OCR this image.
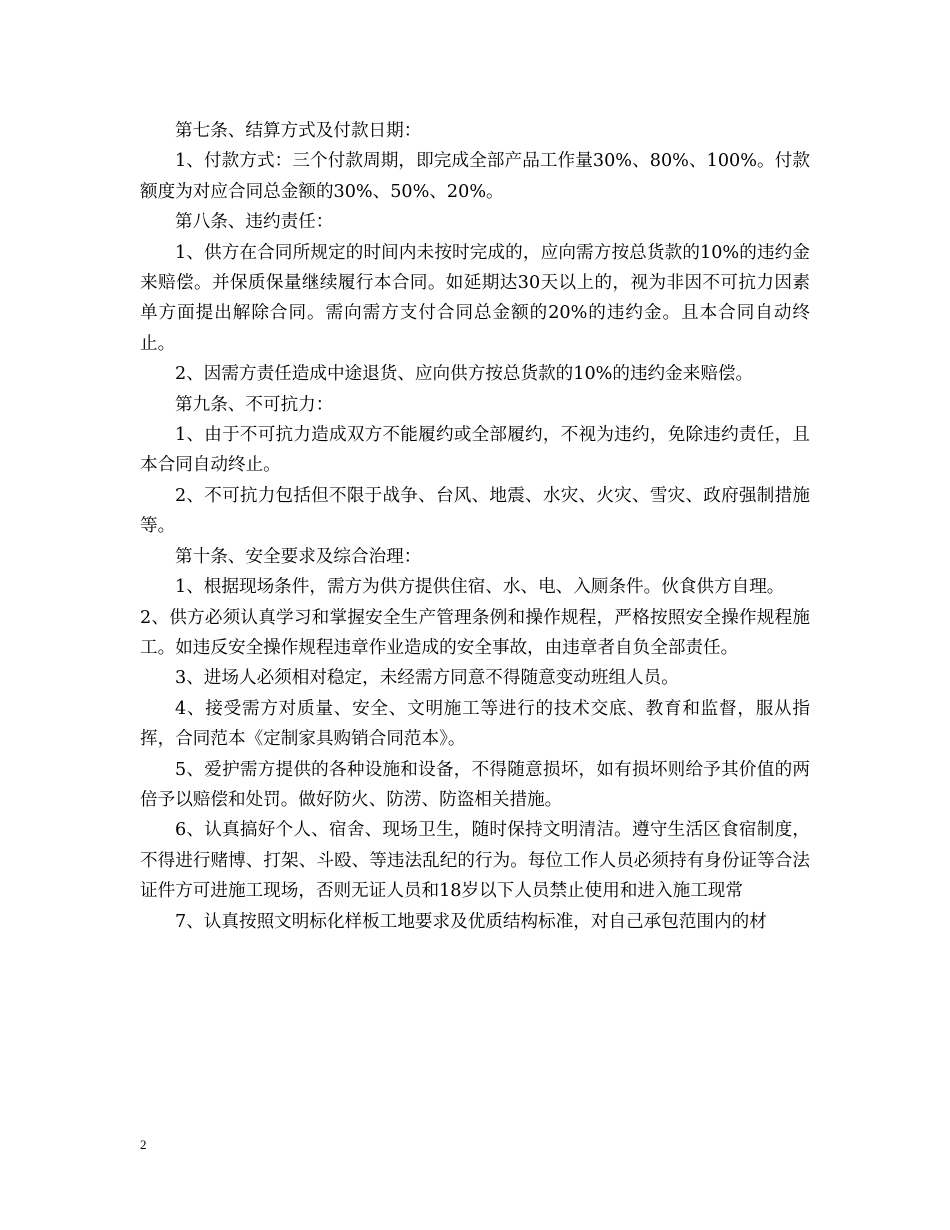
第七条、结算方式及付款日期：

1、付款方式：三个付款周期，即完成全部产品工作量30%、80%、100%。付款额度为对应合同总金额的30%、50%、20%。

第八条、违约责任：

1、供方在合同所规定的时间内未按时完成的，应向需方按总货款的10%的违约金来赔偿。并保质保量继续履行本合同。如延期达30天以上的，视为非因不可抗力因素单方面提出解除合同。需向需方支付合同总金额的20%的违约金。且本合同自动终止。

2、因需方责任造成中途退货、应向供方按总货款的10%的违约金来赔偿。

第九条、不可抗力：

1、由于不可抗力造成双方不能履约或全部履约，不视为违约，免除违约责任，且本合同自动终止。

2、不可抗力包括但不限于战争、台风、地震、水灾、火灾、雪灾、政府强制措施等。

第十条、安全要求及综合治理：

1、根据现场条件，需方为供方提供住宿、水、电、入厕条件。伙食供方自理。

2、供方必须认真学习和掌握安全生产管理条例和操作规程，严格按照安全操作规程施工。如违反安全操作规程违章作业造成的安全事故，由违章者自负全部责任。

3、进场人必须相对稳定，未经需方同意不得随意变动班组人员。

4、接受需方对质量、安全、文明施工等进行的技术交底、教育和监督，服从指挥，合同范本《定制家具购销合同范本》。

5、爱护需方提供的各种设施和设备，不得随意损坏，如有损坏则给予其价值的两倍予以赔偿和处罚。做好防火、防涝、防盗相关措施。

6、认真搞好个人、宿舍、现场卫生，随时保持文明清洁。遵守生活区食宿制度，不得进行赌博、打架、斗殴、等违法乱纪的行为。每位工作人员必须持有身份证等合法证件方可进施工现场，否则无证人员和18岁以下人员禁止使用和进入施工现常

7、认真按照文明标化样板工地要求及优质结构标准，对自己承包范围内的材

2
